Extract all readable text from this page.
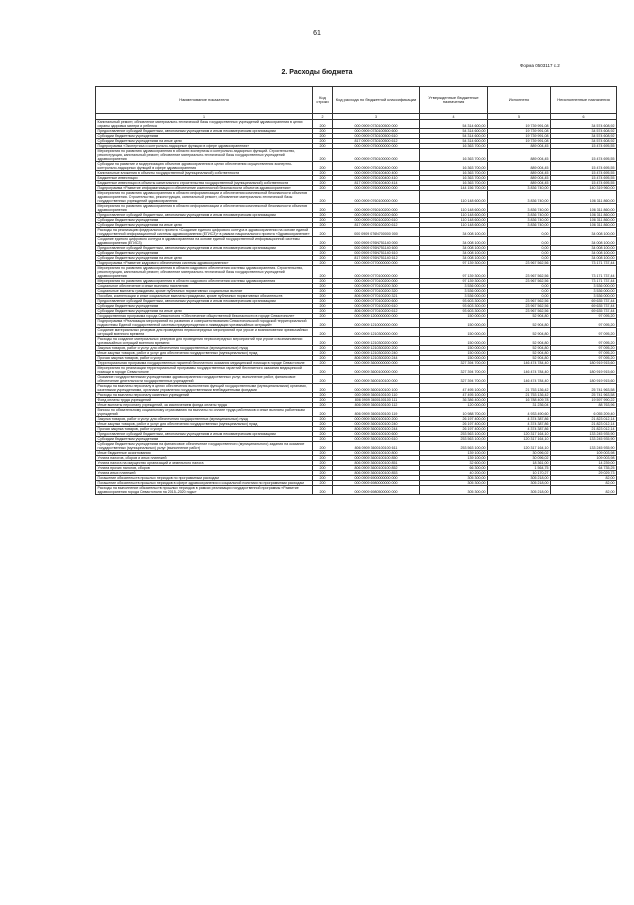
61
Форма 0503117 с.2
2. Расходы бюджета
Наименование показателя	Код строки	Код расхода по бюджетной классификации	Утвержденные бюджетные назначения	Исполнено	Неисполненные назначения
1	2	3	4	5	6
Капитальный ремонт, обновление материально-технической базы государственных учреждений здравоохранения в целях охраны здоровья матери и ребенка	200	000 0909 0730100500 000	54 314 600,00	19 739 991,08	34 574 608,92
Предоставление субсидий бюджетным, автономным учреждениям и иным некоммерческим организациям	200	000 0909 0730100500 600	54 314 600,00	19 739 991,08	34 574 608,92
Субсидии бюджетным учреждениям	200	000 0909 0730100500 610	54 314 600,00	19 739 991,08	34 574 608,92
Субсидии бюджетным учреждениям на иные цели	200	817 0909 0730100500 612	54 314 600,00	19 739 991,08	34 574 608,92
Подпрограмма «Экспертиза и контрольно-надзорные функции в сфере здравоохранения»	200	000 0909 0750000000 000	16 363 700,00	889 004,45	15 474 695,55
Мероприятия по развитию здравоохранения в области экспертизы и контрольно-надзорных функций. Строительство, реконструкция, капитальный ремонт, обновление материально-технической базы государственных учреждений здравоохранения	200	000 0909 0750100000 000	16 363 700,00	889 004,45	15 474 695,55
Субсидии на развитие и модернизацию объектов здравоохранения в целях обеспечения осуществления экспертно-контрольно-надзорных функций в сфере здравоохранения	200	000 0909 0750100400 000	16 363 700,00	889 004,45	15 474 695,55
Капитальные вложения в объекты государственной (муниципальной) собственности	200	000 0909 0750100400 400	16 363 700,00	889 004,45	15 474 695,55
Бюджетные инвестиции	200	000 0909 0750100400 410	16 363 700,00	889 004,45	15 474 695,55
Бюджетные инвестиции в объекты капитального строительства государственной (муниципальной) собственности	200	817 0909 0750100400 414	16 363 700,00	889 004,45	15 474 695,55
Подпрограмма «Развитие информатизации и обеспечение комплексной безопасности объектов здравоохранения»	200	000 0909 0760000000 000	144 156 700,00	3 836 740,00	140 319 960,00
Мероприятия по развитию здравоохранения в области информатизации и обеспечения комплексной безопасности объектов здравоохранения. Строительство, реконструкция, капитальный ремонт, обновление материально-технической базы государственных учреждений здравоохранения	200	000 0909 0760100000 000	110 148 600,00	3 836 740,00	106 311 860,00
Мероприятия по развитию здравоохранения в области информатизации и обеспечения комплексной безопасности объектов здравоохранения	200	000 0909 0760100200 000	110 148 600,00	3 836 740,00	106 311 860,00
Предоставление субсидий бюджетным, автономным учреждениям и иным некоммерческим организациям	200	000 0909 0760100200 600	110 148 600,00	3 836 740,00	106 311 860,00
Субсидии бюджетным учреждениям	200	000 0909 0760100200 610	110 148 600,00	3 836 740,00	106 311 860,00
Субсидии бюджетным учреждениям на иные цели	200	817 0909 0760100200 612	110 148 600,00	3 836 740,00	106 311 860,00
Расходы на реализацию федерального проекта «Создание единого цифрового контура в здравоохранении на основе единой государственной информационной системы здравоохранения (ЕГИСЗ)» в рамках национального проекта «Здравоохранение»	200	000 0909 076N700000 000	34 008 100,00	0,00	34 008 100,00
Создание единого цифрового контура в здравоохранении на основе единой государственной информационной системы здравоохранения (ЕГИСЗ)	200	000 0909 076N751140 000	34 008 100,00	0,00	34 008 100,00
Предоставление субсидий бюджетным, автономным учреждениям и иным некоммерческим организациям	200	000 0909 076N751140 600	34 008 100,00	0,00	34 008 100,00
Субсидии бюджетным учреждениям	200	000 0909 076N751140 610	34 008 100,00	0,00	34 008 100,00
Субсидии бюджетным учреждениям на иные цели	200	817 0909 076N751140 612	34 008 100,00	0,00	34 008 100,00
Подпрограмма «Развитие кадрового обеспечения системы здравоохранения»	200	000 0909 0770000000 000	97 139 300,00	23 967 562,56	73 171 737,44
Мероприятия по развитию здравоохранения в области кадрового обеспечения системы здравоохранения. Строительство, реконструкция, капитальный ремонт, обновление материально-технической базы государственных учреждений здравоохранения	200	000 0909 0770100000 000	97 139 300,00	23 967 562,56	73 171 737,44
Мероприятия по развитию здравоохранения в области кадрового обеспечения системы здравоохранения	200	000 0909 0770100200 000	97 139 300,00	23 967 562,56	73 171 737,44
Социальное обеспечение и иные выплаты населению	200	000 0909 0770100200 300	3 536 000,00	0,00	3 536 000,00
Социальные выплаты гражданам, кроме публичных нормативных социальных выплат	200	000 0909 0770100200 320	3 536 000,00	0,00	3 536 000,00
Пособия, компенсации и иные социальные выплаты гражданам, кроме публичных нормативных обязательств	200	806 0909 0770100200 321	3 536 000,00	0,00	3 536 000,00
Предоставление субсидий бюджетным, автономным учреждениям и иным некоммерческим организациям	200	000 0909 0770100200 600	93 603 300,00	23 967 562,56	69 635 737,44
Субсидии бюджетным учреждениям	200	000 0909 0770100200 610	93 603 300,00	23 967 562,56	69 635 737,44
Субсидии бюджетным учреждениям на иные цели	200	806 0909 0770100200 612	93 603 300,00	23 967 562,56	69 635 737,44
Государственная программа города Севастополя «Обеспечение общественной безопасности в городе Севастополе»	200	000 0909 1200000000 000	150 000,00	52 904,80	97 095,20
Подпрограмма «Реализация мероприятий по развитию и совершенствованию Севастопольской городской территориальной подсистемы Единой государственной системы предупреждения и ликвидации чрезвычайных ситуаций»	200	000 0909 1210000000 000	150 000,00	52 904,80	97 095,20
Создание материальных резервов для проведения первоочередных мероприятий при угрозе и возникновении чрезвычайных ситуаций военного времени	200	000 0909 1210300000 000	150 000,00	52 904,80	97 095,20
Расходы на создание материальных резервов для проведения первоочередных мероприятий при угрозе и возникновении чрезвычайных ситуаций военного времени	200	000 0909 1210300200 000	150 000,00	52 904,80	97 095,20
Закупка товаров, работ и услуг для обеспечения государственных (муниципальных) нужд	200	000 0909 1210300200 200	150 000,00	52 904,80	97 095,20
Иные закупки товаров, работ и услуг для обеспечения государственных (муниципальных) нужд	200	000 0909 1210300200 240	150 000,00	52 904,80	97 095,20
Прочая закупка товаров, работ и услуг	200	806 0909 1210300200 244	150 000,00	52 904,80	97 095,20
Территориальная программа государственных гарантий бесплатного оказания медицинской помощи в городе Севастополе	200	000 0909 3600000000 000	327 394 700,00	146 474 784,40	180 919 915,60
Мероприятия по реализации территориальной программы государственных гарантий бесплатного оказания медицинской помощи в городе Севастополе	200	000 0909 3600100000 000	327 394 700,00	146 474 784,40	180 919 915,60
Оказание государственными учреждениями здравоохранения государственных услуг, выполнение работ, финансовое обеспечение деятельности государственных учреждений	200	000 0909 3600100100 000	327 394 700,00	146 474 784,40	180 919 915,60
Расходы на выплаты персоналу в целях обеспечения выполнения функций государственными (муниципальными) органами, казенными учреждениями, органами управления государственными внебюджетными фондами	200	000 0909 3600100100 100	47 495 100,00	21 753 136,42	25 741 963,58
Расходы на выплаты персоналу казенных учреждений	200	000 0909 3600100100 110	47 495 100,00	21 753 136,42	25 741 963,58
Фонд оплаты труда учреждений	200	806 0909 3600100100 111	36 386 400,00	16 788 409,78	19 597 990,22
Иные выплаты персоналу учреждений, за исключением фонда оплаты труда	200	806 0909 3600100100 112	120 000,00	31 236,04	88 763,96
Взносы по обязательному социальному страхованию на выплаты по оплате труда работников и иные выплаты работникам учреждений	200	806 0909 3600100100 119	10 988 700,00	4 933 490,60	6 055 209,40
Закупка товаров, работ и услуг для обеспечения государственных (муниципальных) нужд	200	000 0909 3600100100 200	26 197 400,00	4 374 387,86	21 823 012,14
Иные закупки товаров, работ и услуг для обеспечения государственных (муниципальных) нужд	200	000 0909 3600100100 240	26 197 400,00	4 374 387,86	21 823 012,14
Прочая закупка товаров, работ и услуг	200	806 0909 3600100100 244	26 197 400,00	4 374 387,86	21 823 012,14
Предоставление субсидий бюджетным, автономным учреждениям и иным некоммерческим организациям	200	000 0909 3600100100 600	253 563 100,00	120 317 164,10	133 245 935,90
Субсидии бюджетным учреждениям	200	000 0909 3600100100 610	253 563 100,00	120 317 164,10	133 245 935,90
Субсидии бюджетным учреждениям на финансовое обеспечение государственного (муниципального) задания на оказание государственных (муниципальных) услуг (выполнение работ)	200	806 0909 3600100100 611	253 563 100,00	120 317 164,10	133 245 935,90
Иные бюджетные ассигнования	200	000 0909 3600100100 800	139 100,00	30 096,02	109 003,98
Уплата налогов, сборов и иных платежей	200	000 0909 3600100100 850	139 100,00	30 096,02	109 003,98
Уплата налога на имущество организаций и земельного налога	200	806 0909 3600100100 851	32 600,00	18 361,00	14 239,00
Уплата прочих налогов, сборов	200	806 0909 3600100100 852	66 300,00	1 564,75	64 735,25
Уплата иных платежей	200	806 0909 3600100100 853	40 200,00	10 170,27	29 029,73
Погашение обязательств прошлых периодов по программным расходам	200	000 0909 6900000000 000	305 300,00	305 218,00	82,00
Погашение обязательств прошлых периодов в сфере здравоохранения и социальной политики по программным расходам	200	000 0909 6980000000 000	305 300,00	305 218,00	82,00
Расходы на выполнение обязательств прошлых периодов в рамках реализации государственной программы «Развитие здравоохранения города Севастополя на 2015–2020 годы»	200	000 0909 6980500000 000	305 300,00	305 218,00	82,00
